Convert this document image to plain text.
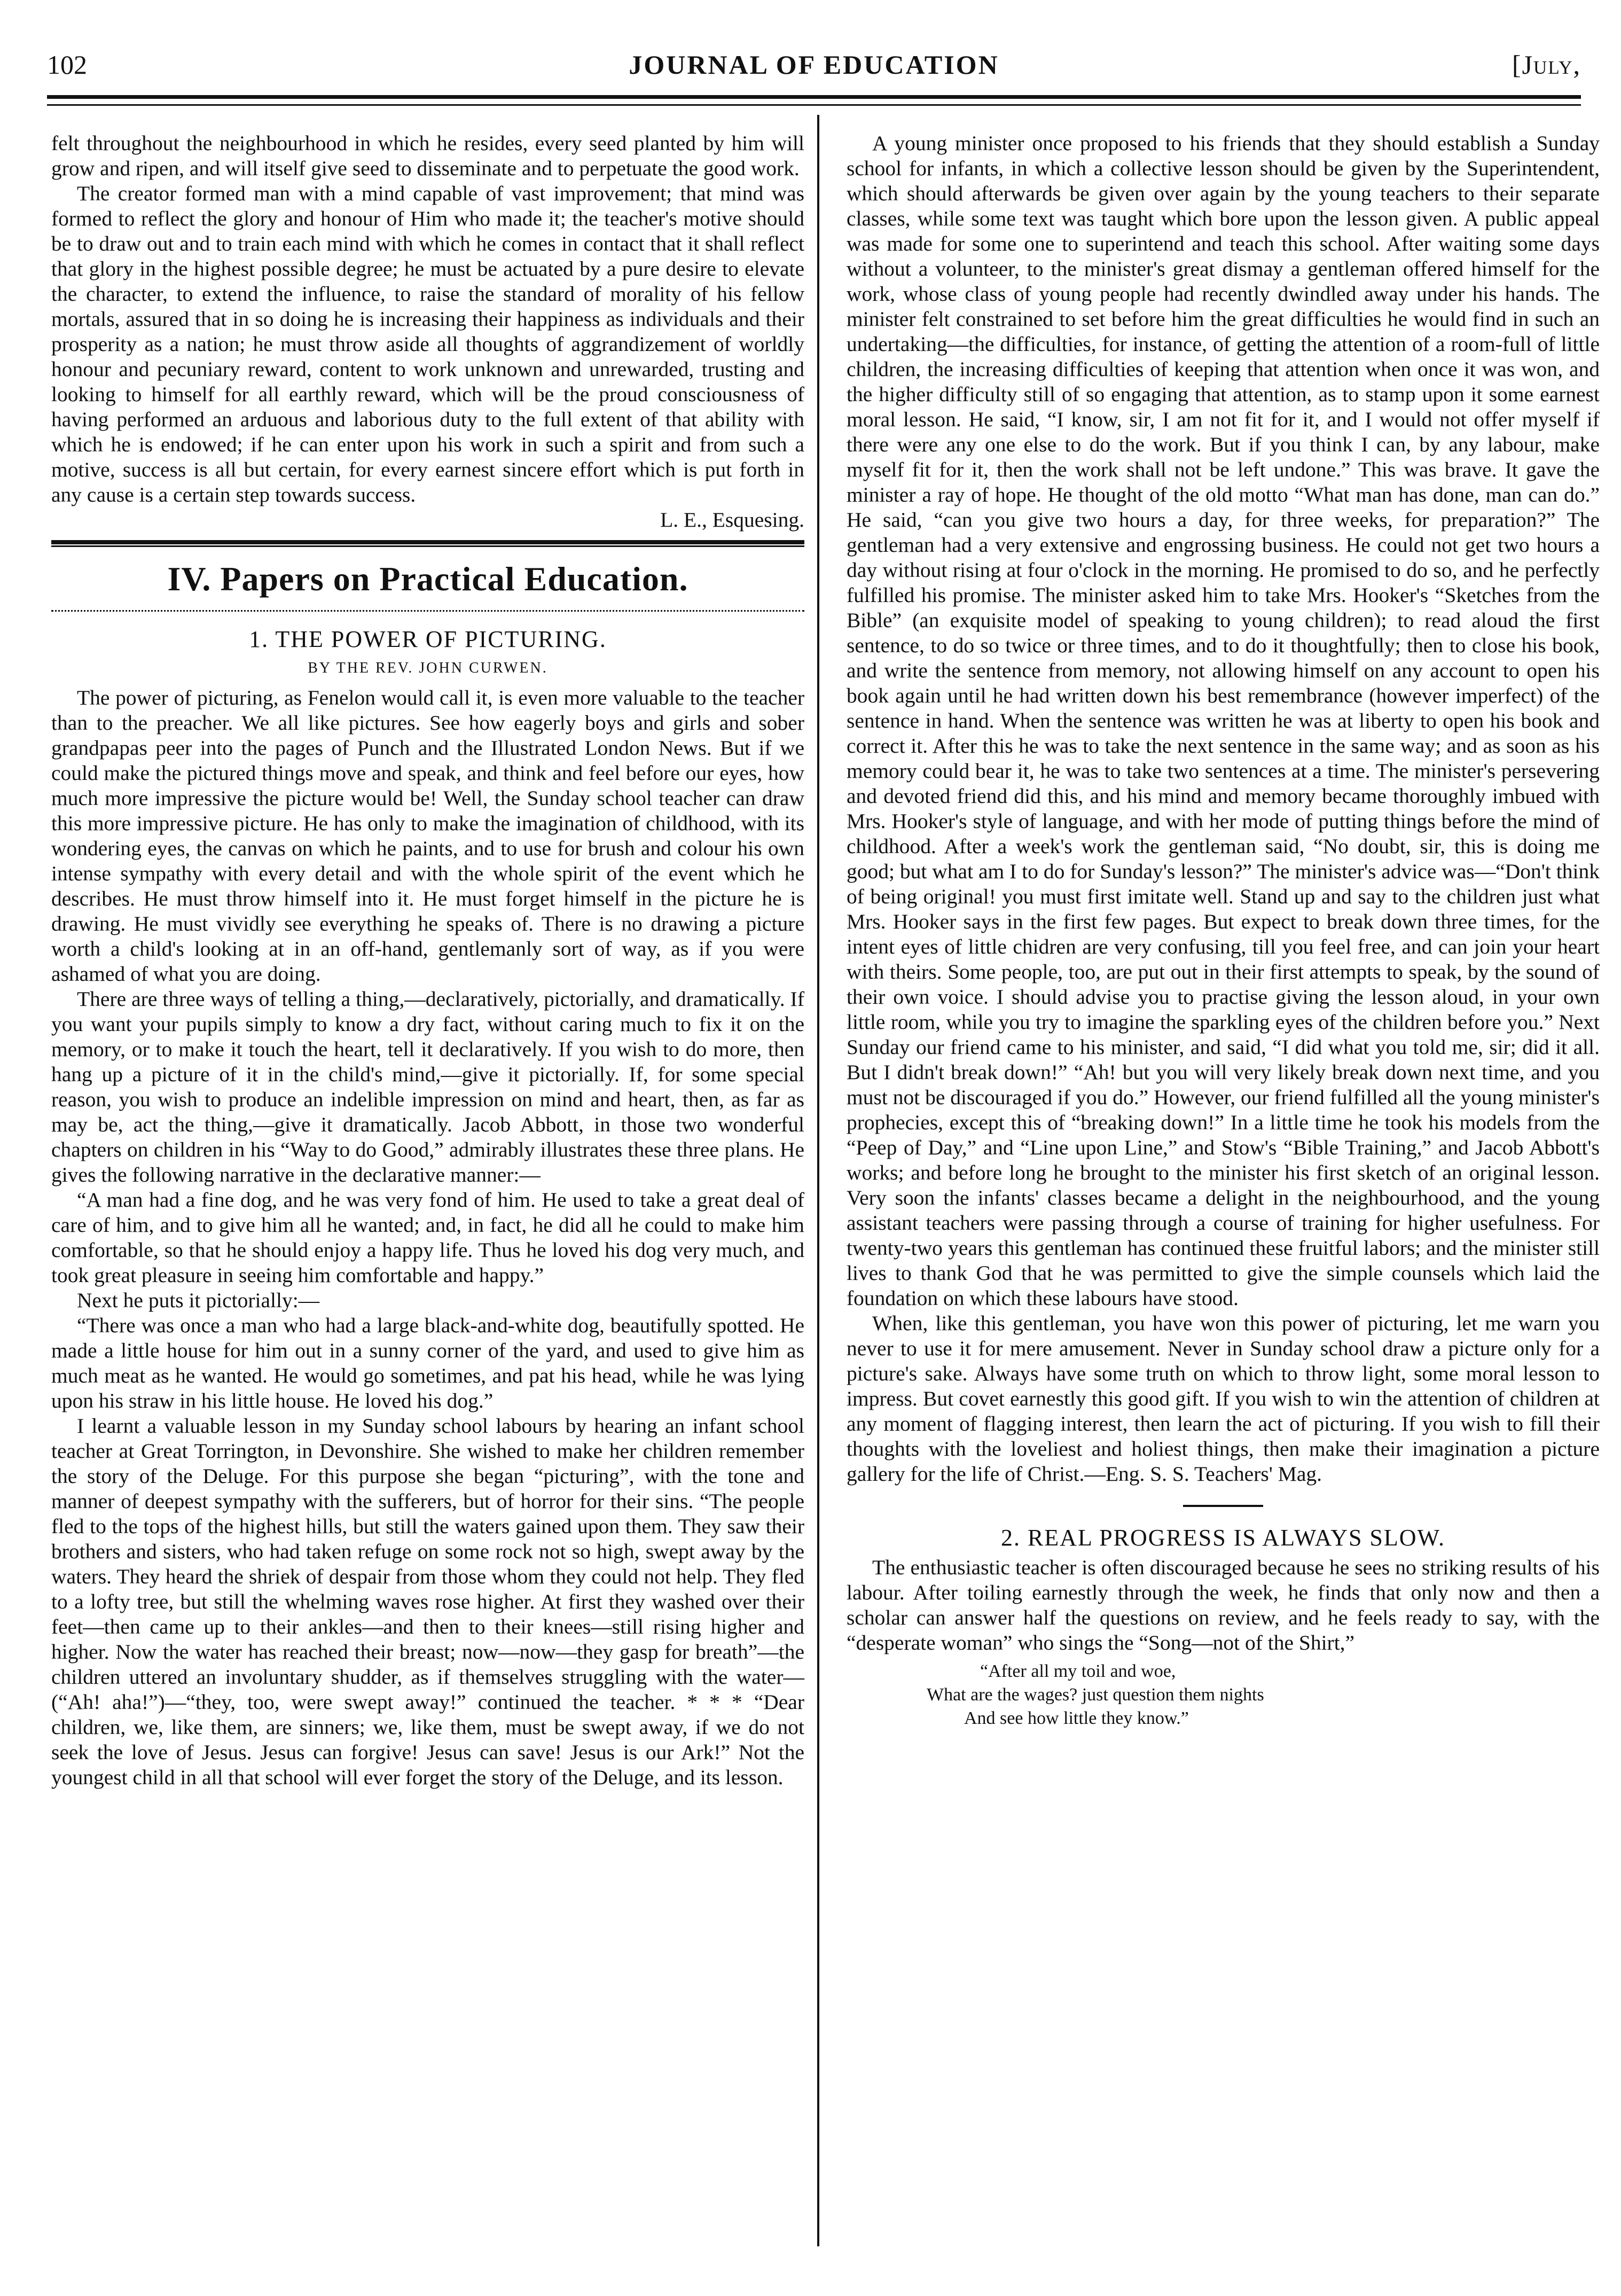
102	JOURNAL OF EDUCATION	[July,

felt throughout the neighbourhood in which he resides, every seed planted by him will grow and ripen, and will itself give seed to disseminate and to perpetuate the good work.

The creator formed man with a mind capable of vast improvement; that mind was formed to reflect the glory and honour of Him who made it; the teacher's motive should be to draw out and to train each mind with which he comes in contact that it shall reflect that glory in the highest possible degree; he must be actuated by a pure desire to elevate the character, to extend the influence, to raise the standard of morality of his fellow mortals, assured that in so doing he is increasing their happiness as individuals and their prosperity as a nation; he must throw aside all thoughts of aggrandizement of worldly honour and pecuniary reward, content to work unknown and unrewarded, trusting and looking to himself for all earthly reward, which will be the proud consciousness of having performed an arduous and laborious duty to the full extent of that ability with which he is endowed; if he can enter upon his work in such a spirit and from such a motive, success is all but certain, for every earnest sincere effort which is put forth in any cause is a certain step towards success.

L. E., Esquesing.

IV. Papers on Practical Education.
1. THE POWER OF PICTURING.
BY THE REV. JOHN CURWEN.

The power of picturing, as Fenelon would call it, is even more valuable to the teacher than to the preacher. We all like pictures. See how eagerly boys and girls and sober grandpapas peer into the pages of Punch and the Illustrated London News. But if we could make the pictured things move and speak, and think and feel before our eyes, how much more impressive the picture would be! Well, the Sunday school teacher can draw this more impressive picture. He has only to make the imagination of childhood, with its wondering eyes, the canvas on which he paints, and to use for brush and colour his own intense sympathy with every detail and with the whole spirit of the event which he describes. He must throw himself into it. He must forget himself in the picture he is drawing. He must vividly see everything he speaks of. There is no drawing a picture worth a child's looking at in an off-hand, gentlemanly sort of way, as if you were ashamed of what you are doing.

There are three ways of telling a thing,—declaratively, pictorially, and dramatically. If you want your pupils simply to know a dry fact, without caring much to fix it on the memory, or to make it touch the heart, tell it declaratively. If you wish to do more, then hang up a picture of it in the child's mind,—give it pictorially. If, for some special reason, you wish to produce an indelible impression on mind and heart, then, as far as may be, act the thing,—give it dramatically. Jacob Abbott, in those two wonderful chapters on children in his “Way to do Good,” admirably illustrates these three plans. He gives the following narrative in the declarative manner:—

“A man had a fine dog, and he was very fond of him. He used to take a great deal of care of him, and to give him all he wanted; and, in fact, he did all he could to make him comfortable, so that he should enjoy a happy life. Thus he loved his dog very much, and took great pleasure in seeing him comfortable and happy.”

Next he puts it pictorially:—

“There was once a man who had a large black-and-white dog, beautifully spotted. He made a little house for him out in a sunny corner of the yard, and used to give him as much meat as he wanted. He would go sometimes, and pat his head, while he was lying upon his straw in his little house. He loved his dog.”

I learnt a valuable lesson in my Sunday school labours by hearing an infant school teacher at Great Torrington, in Devonshire. She wished to make her children remember the story of the Deluge. For this purpose she began “picturing”, with the tone and manner of deepest sympathy with the sufferers, but of horror for their sins. “The people fled to the tops of the highest hills, but still the waters gained upon them. They saw their brothers and sisters, who had taken refuge on some rock not so high, swept away by the waters. They heard the shriek of despair from those whom they could not help. They fled to a lofty tree, but still the whelming waves rose higher. At first they washed over their feet—then came up to their ankles—and then to their knees—still rising higher and higher. Now the water has reached their breast; now—now—they gasp for breath”—the children uttered an involuntary shudder, as if themselves struggling with the water—(“Ah! aha!”)—“they, too, were swept away!” continued the teacher. * * * “Dear children, we, like them, are sinners; we, like them, must be swept away, if we do not seek the love of Jesus. Jesus can forgive! Jesus can save! Jesus is our Ark!” Not the youngest child in all that school will ever forget the story of the Deluge, and its lesson.

A young minister once proposed to his friends that they should establish a Sunday school for infants, in which a collective lesson should be given by the Superintendent, which should afterwards be given over again by the young teachers to their separate classes, while some text was taught which bore upon the lesson given. A public appeal was made for some one to superintend and teach this school. After waiting some days without a volunteer, to the minister's great dismay a gentleman offered himself for the work, whose class of young people had recently dwindled away under his hands. The minister felt constrained to set before him the great difficulties he would find in such an undertaking—the difficulties, for instance, of getting the attention of a room-full of little children, the increasing difficulties of keeping that attention when once it was won, and the higher difficulty still of so engaging that attention, as to stamp upon it some earnest moral lesson. He said, “I know, sir, I am not fit for it, and I would not offer myself if there were any one else to do the work. But if you think I can, by any labour, make myself fit for it, then the work shall not be left undone.” This was brave. It gave the minister a ray of hope. He thought of the old motto “What man has done, man can do.” He said, “can you give two hours a day, for three weeks, for preparation?” The gentleman had a very extensive and engrossing business. He could not get two hours a day without rising at four o'clock in the morning. He promised to do so, and he perfectly fulfilled his promise. The minister asked him to take Mrs. Hooker's “Sketches from the Bible” (an exquisite model of speaking to young children); to read aloud the first sentence, to do so twice or three times, and to do it thoughtfully; then to close his book, and write the sentence from memory, not allowing himself on any account to open his book again until he had written down his best remembrance (however imperfect) of the sentence in hand. When the sentence was written he was at liberty to open his book and correct it. After this he was to take the next sentence in the same way; and as soon as his memory could bear it, he was to take two sentences at a time. The minister's persevering and devoted friend did this, and his mind and memory became thoroughly imbued with Mrs. Hooker's style of language, and with her mode of putting things before the mind of childhood. After a week's work the gentleman said, “No doubt, sir, this is doing me good; but what am I to do for Sunday's lesson?” The minister's advice was—“Don't think of being original! you must first imitate well. Stand up and say to the children just what Mrs. Hooker says in the first few pages. But expect to break down three times, for the intent eyes of little chidren are very confusing, till you feel free, and can join your heart with theirs. Some people, too, are put out in their first attempts to speak, by the sound of their own voice. I should advise you to practise giving the lesson aloud, in your own little room, while you try to imagine the sparkling eyes of the children before you.” Next Sunday our friend came to his minister, and said, “I did what you told me, sir; did it all. But I didn't break down!” “Ah! but you will very likely break down next time, and you must not be discouraged if you do.” However, our friend fulfilled all the young minister's prophecies, except this of “breaking down!” In a little time he took his models from the “Peep of Day,” and “Line upon Line,” and Stow's “Bible Training,” and Jacob Abbott's works; and before long he brought to the minister his first sketch of an original lesson. Very soon the infants' classes became a delight in the neighbourhood, and the young assistant teachers were passing through a course of training for higher usefulness. For twenty-two years this gentleman has continued these fruitful labors; and the minister still lives to thank God that he was permitted to give the simple counsels which laid the foundation on which these labours have stood.

When, like this gentleman, you have won this power of picturing, let me warn you never to use it for mere amusement. Never in Sunday school draw a picture only for a picture's sake. Always have some truth on which to throw light, some moral lesson to impress. But covet earnestly this good gift. If you wish to win the attention of children at any moment of flagging interest, then learn the act of picturing. If you wish to fill their thoughts with the loveliest and holiest things, then make their imagination a picture gallery for the life of Christ.—Eng. S. S. Teachers' Mag.

2. REAL PROGRESS IS ALWAYS SLOW.

The enthusiastic teacher is often discouraged because he sees no striking results of his labour. After toiling earnestly through the week, he finds that only now and then a scholar can answer half the questions on review, and he feels ready to say, with the “desperate woman” who sings the “Song—not of the Shirt,”

“After all my toil and woe,
What are the wages? just question them nights
And see how little they know.”
